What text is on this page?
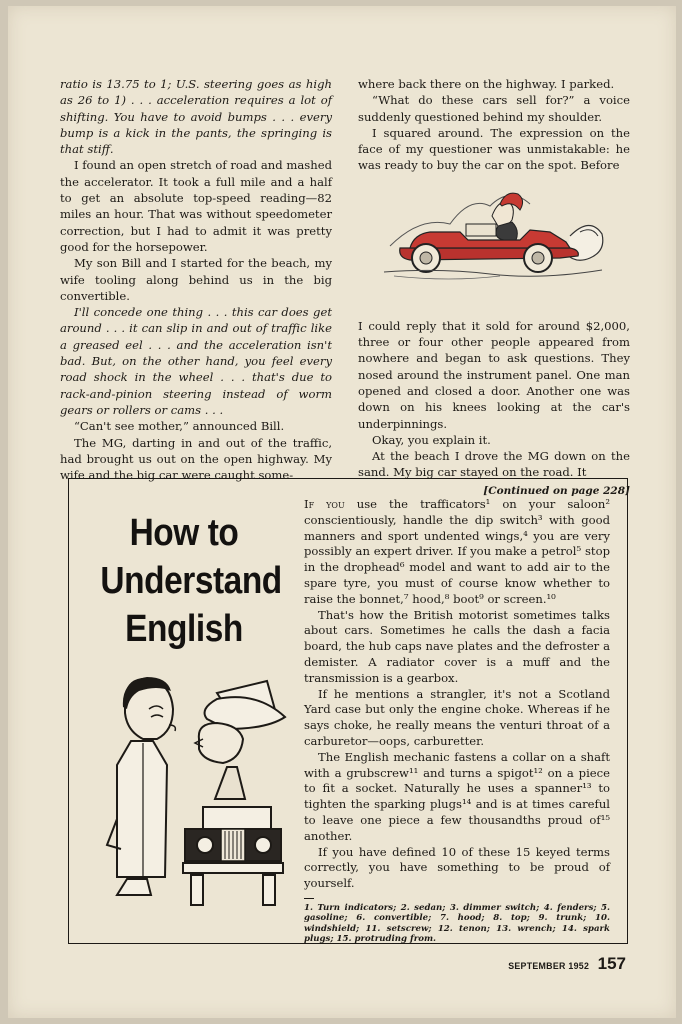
ratio is 13.75 to 1; U.S. steering goes as high as 26 to 1) . . . acceleration requires a lot of shifting. You have to avoid bumps . . . every bump is a kick in the pants, the springing is that stiff.

I found an open stretch of road and mashed the accelerator. It took a full mile and a half to get an absolute top-speed reading—82 miles an hour. That was without speedometer correction, but I had to admit it was pretty good for the horsepower.

My son Bill and I started for the beach, my wife tooling along behind us in the big convertible.

I'll concede one thing . . . this car does get around . . . it can slip in and out of traffic like a greased eel . . . and the acceleration isn't bad. But, on the other hand, you feel every road shock in the wheel . . . that's due to rack-and-pinion steering instead of worm gears or rollers or cams . . .

“Can't see mother,” announced Bill.

The MG, darting in and out of the traffic, had brought us out on the open highway. My wife and the big car were caught some-

where back there on the highway. I parked.

“What do these cars sell for?” a voice suddenly questioned behind my shoulder.

I squared around. The expression on the face of my questioner was unmistakable: he was ready to buy the car on the spot. Before

I could reply that it sold for around $2,000, three or four other people appeared from nowhere and began to ask questions. They nosed around the instrument panel. One man opened and closed a door. Another one was down on his knees looking at the car's underpinnings.

Okay, you explain it.

At the beach I drove the MG down on the sand. My big car stayed on the road. It

[Continued on page 228]
How to
Understand
English

If you use the trafficators¹ on your saloon² conscientiously, handle the dip switch³ with good manners and sport undented wings,⁴ you are very possibly an expert driver. If you make a petrol⁵ stop in the drophead⁶ model and want to add air to the spare tyre, you must of course know whether to raise the bonnet,⁷ hood,⁸ boot⁹ or screen.¹⁰

That's how the British motorist sometimes talks about cars. Sometimes he calls the dash a facia board, the hub caps nave plates and the defroster a demister. A radiator cover is a muff and the transmission is a gearbox.

If he mentions a strangler, it's not a Scotland Yard case but only the engine choke. Whereas if he says choke, he really means the venturi throat of a carburetor—oops, carburetter.

The English mechanic fastens a collar on a shaft with a grubscrew¹¹ and turns a spigot¹² on a piece to fit a socket. Naturally he uses a spanner¹³ to tighten the sparking plugs¹⁴ and is at times careful to leave one piece a few thousandths proud of¹⁵ another.

If you have defined 10 of these 15 keyed terms correctly, you have something to be proud of yourself.

1. Turn indicators; 2. sedan; 3. dimmer switch; 4. fenders; 5. gasoline; 6. convertible; 7. hood; 8. top; 9. trunk; 10. windshield; 11. setscrew; 12. tenon; 13. wrench; 14. spark plugs; 15. protruding from.
SEPTEMBER 1952 157
